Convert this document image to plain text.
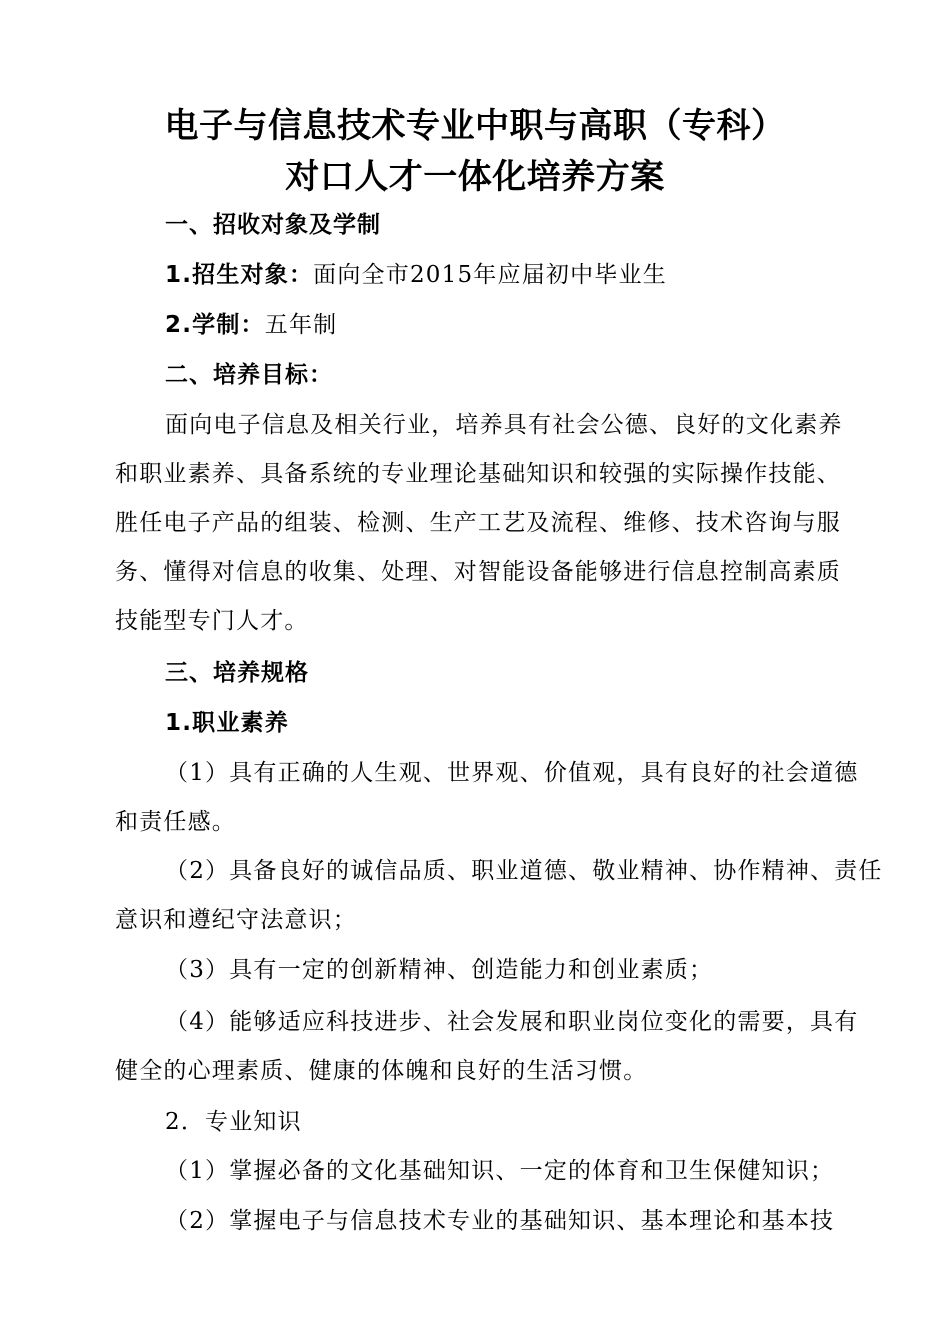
电子与信息技术专业中职与高职（专科）
对口人才一体化培养方案
一、招收对象及学制
1.招生对象：面向全市2015年应届初中毕业生
2.学制：五年制
二、培养目标：
面向电子信息及相关行业，培养具有社会公德、良好的文化素养
和职业素养、具备系统的专业理论基础知识和较强的实际操作技能、
胜任电子产品的组装、检测、生产工艺及流程、维修、技术咨询与服
务、懂得对信息的收集、处理、对智能设备能够进行信息控制高素质
技能型专门人才。
三、培养规格
1.职业素养
（1）具有正确的人生观、世界观、价值观，具有良好的社会道德
和责任感。
（2）具备良好的诚信品质、职业道德、敬业精神、协作精神、责任
意识和遵纪守法意识；
（3）具有一定的创新精神、创造能力和创业素质；
（4）能够适应科技进步、社会发展和职业岗位变化的需要，具有
健全的心理素质、健康的体魄和良好的生活习惯。
2．专业知识
（1）掌握必备的文化基础知识、一定的体育和卫生保健知识；
（2）掌握电子与信息技术专业的基础知识、基本理论和基本技
